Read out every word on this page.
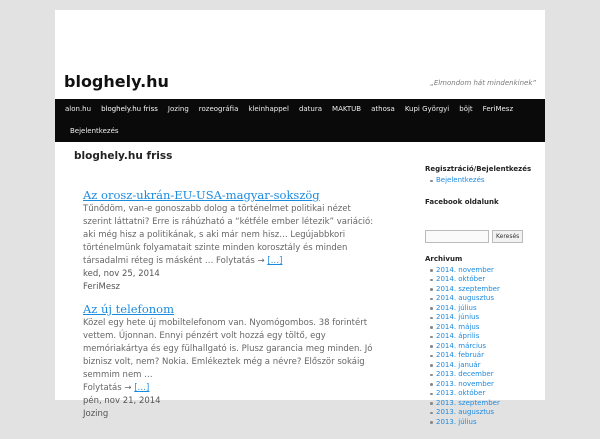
bloghely.hu	„Elmondom hát mindenkinek”
alon.hu	bloghely.hu friss	Jozing	rozeográfia	kleinhappel	datura	MAKTUB	athosa	Kupi Györgyi	böjt	FeriMesz
Bejelentkezés
bloghely.hu friss
Az orosz-ukrán-EU-USA-magyar-sokszög
Tűnődöm, van-e gonoszabb dolog a történelmet politikai nézet szerint láttatni? Erre is ráhúzható a “kétféle ember létezik” variáció: aki még hisz a politikának, s aki már nem hisz… Legújabbkori történelmünk folyamatait szinte minden korosztály és minden társadalmi réteg is másként … Folytatás → […]
ked, nov 25, 2014
FeriMesz
Az új telefonom
Közel egy hete új mobiltelefonom van. Nyomógombos. 38 forintért vettem. Újonnan. Ennyi pénzért volt hozzá egy töltő, egy memóriakártya és egy fülhallgató is. Plusz garancia meg minden. Jó biznisz volt, nem? Nokia. Emlékeztek még a névre? Először sokáig semmim nem …
Folytatás → […]
pén, nov 21, 2014
Jozing
Regisztráció/Bejelentkezés
Bejelentkezés
Facebook oldalunk
Keresés
Archivum
2014. november
2014. október
2014. szeptember
2014. augusztus
2014. július
2014. június
2014. május
2014. április
2014. március
2014. február
2014. január
2013. december
2013. november
2013. október
2013. szeptember
2013. augusztus
2013. július
